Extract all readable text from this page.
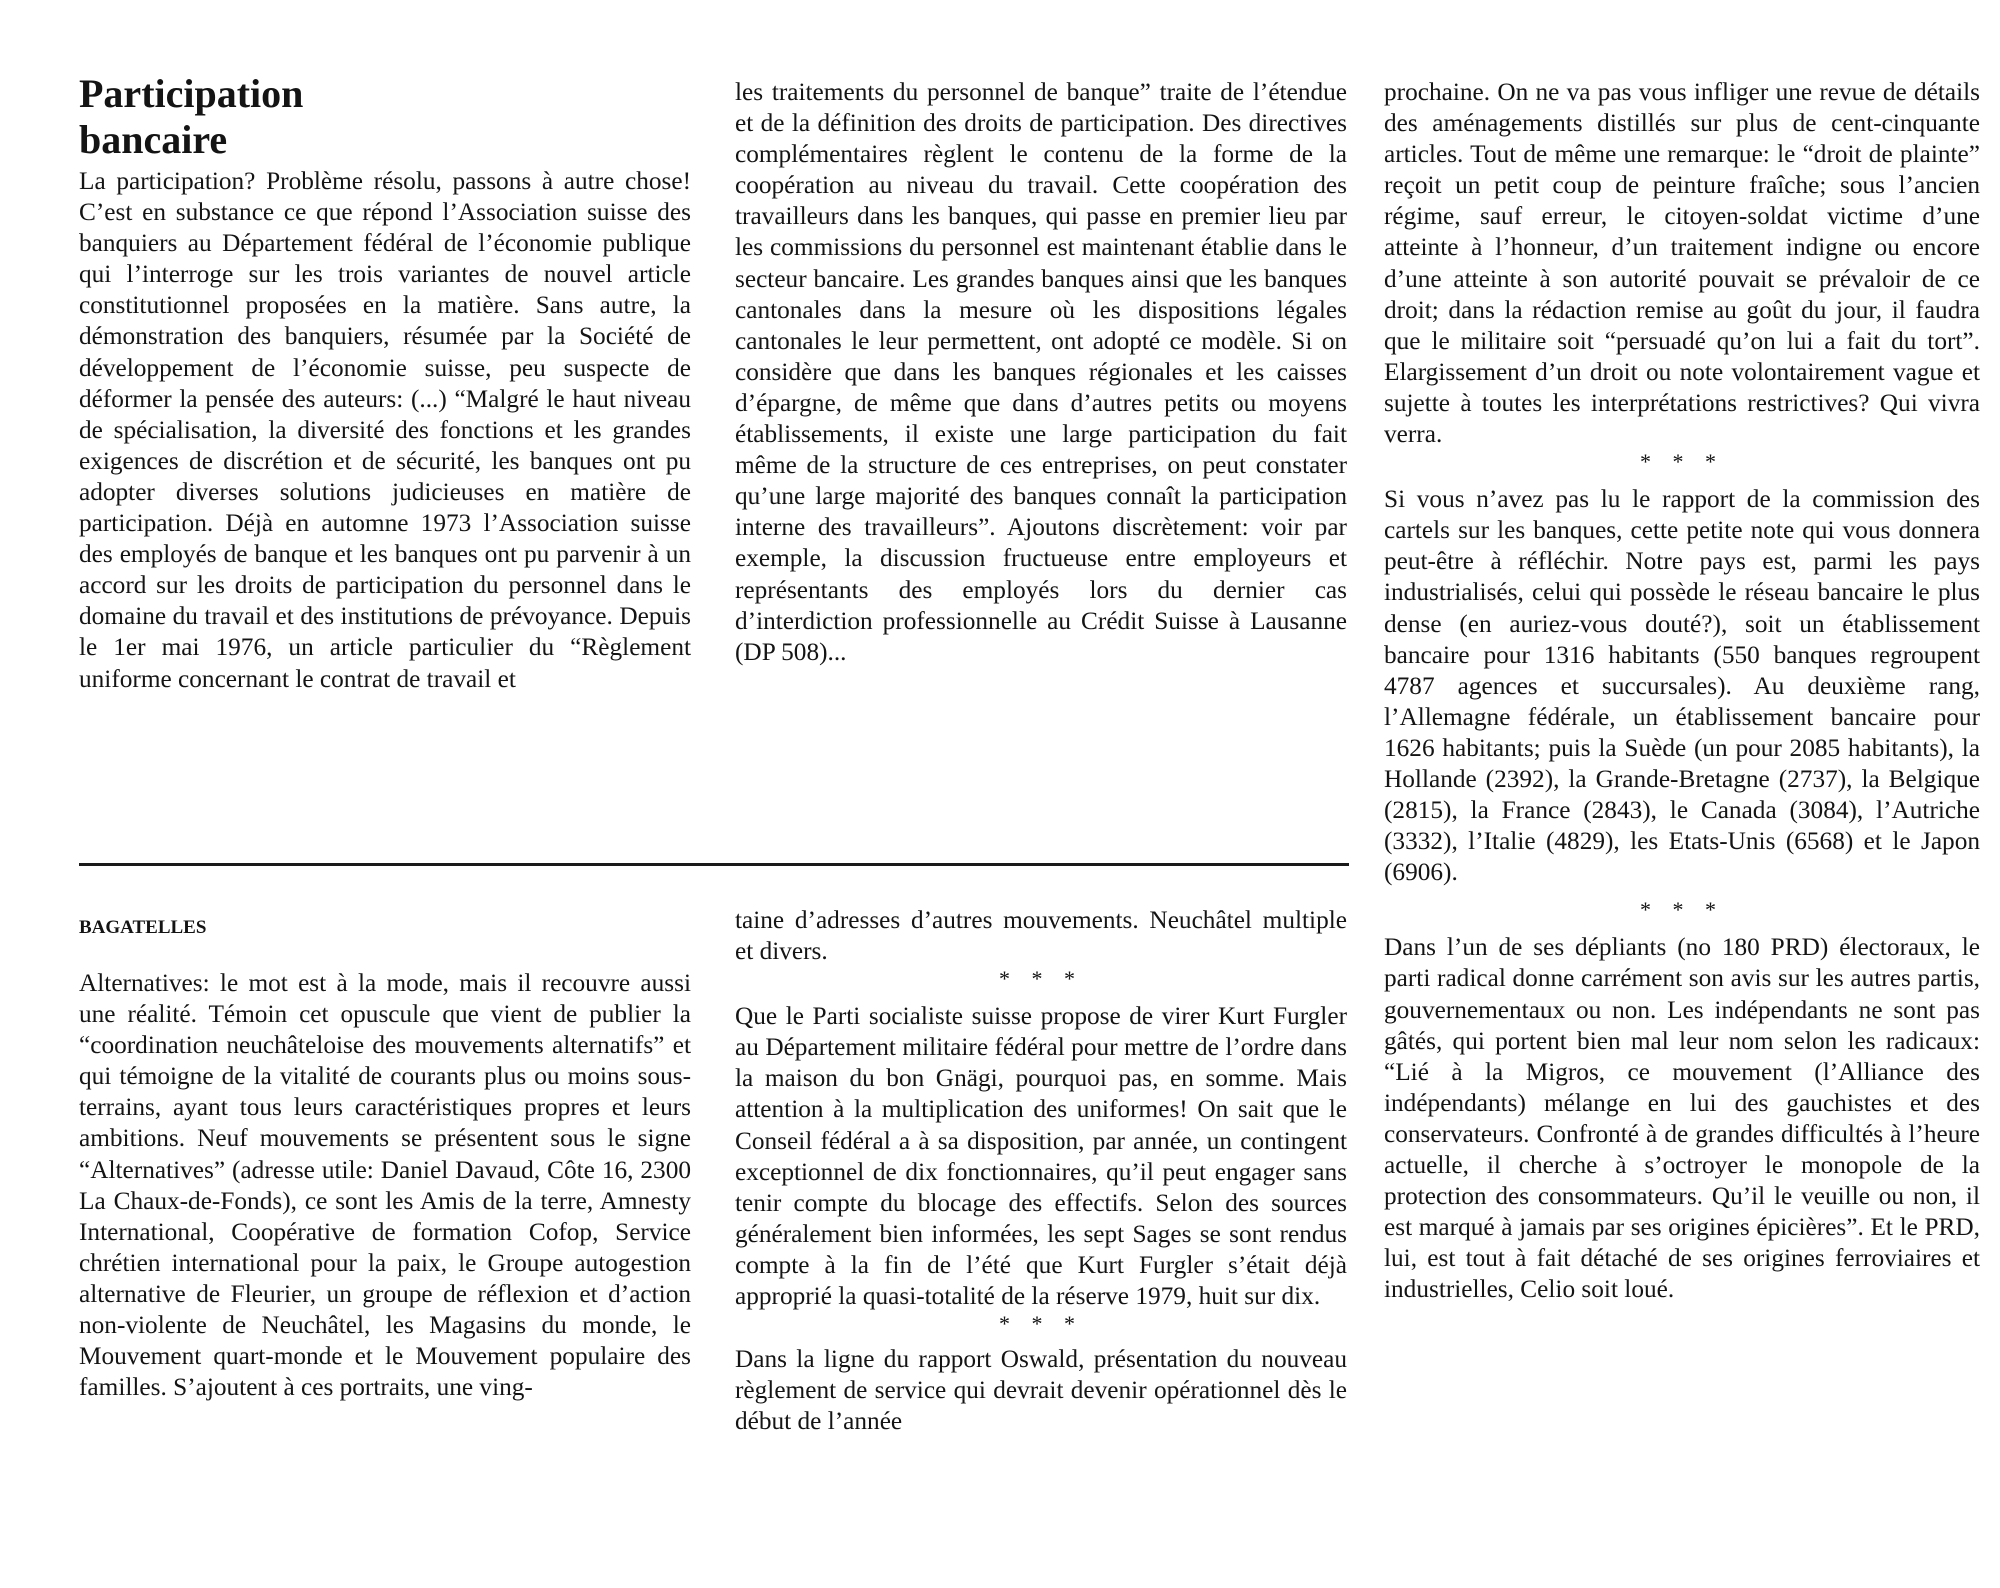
Participation
bancaire

La participation? Problème résolu, passons à autre chose! C’est en substance ce que répond l’Association suisse des banquiers au Département fédéral de l’économie publique qui l’interroge sur les trois variantes de nouvel article constitutionnel proposées en la matière. Sans autre, la démonstration des banquiers, résumée par la Société de développement de l’économie suisse, peu suspecte de déformer la pensée des auteurs: (...) “Malgré le haut niveau de spécialisation, la diversité des fonctions et les grandes exigences de discrétion et de sécurité, les banques ont pu adopter diverses solutions judicieuses en matière de participation. Déjà en automne 1973 l’Association suisse des employés de banque et les banques ont pu parvenir à un accord sur les droits de participation du personnel dans le domaine du travail et des institutions de prévoyance. Depuis le 1er mai 1976, un article particulier du “Règlement uniforme concernant le contrat de travail et

les traitements du personnel de banque” traite de l’étendue et de la définition des droits de participation. Des directives complémentaires règlent le contenu de la forme de la coopération au niveau du travail. Cette coopération des travailleurs dans les banques, qui passe en premier lieu par les commissions du personnel est maintenant établie dans le secteur bancaire. Les grandes banques ainsi que les banques cantonales dans la mesure où les dispositions légales cantonales le leur permettent, ont adopté ce modèle. Si on considère que dans les banques régionales et les caisses d’épargne, de même que dans d’autres petits ou moyens établissements, il existe une large participation du fait même de la structure de ces entreprises, on peut constater qu’une large majorité des banques connaît la participation interne des travailleurs”. Ajoutons discrètement: voir par exemple, la discussion fructueuse entre employeurs et représentants des employés lors du dernier cas d’interdiction professionnelle au Crédit Suisse à Lausanne (DP 508)...

BAGATELLES

Alternatives: le mot est à la mode, mais il recouvre aussi une réalité. Témoin cet opuscule que vient de publier la “coordination neuchâteloise des mouvements alternatifs” et qui témoigne de la vitalité de courants plus ou moins sous-terrains, ayant tous leurs caractéristiques propres et leurs ambitions. Neuf mouvements se présentent sous le signe “Alternatives” (adresse utile: Daniel Davaud, Côte 16, 2300 La Chaux-de-Fonds), ce sont les Amis de la terre, Amnesty International, Coopérative de formation Cofop, Service chrétien international pour la paix, le Groupe autogestion alternative de Fleurier, un groupe de réflexion et d’action non-violente de Neuchâtel, les Magasins du monde, le Mouvement quart-monde et le Mouvement populaire des familles. S’ajoutent à ces portraits, une ving-

taine d’adresses d’autres mouvements. Neuchâtel multiple et divers.

* * *

Que le Parti socialiste suisse propose de virer Kurt Furgler au Département militaire fédéral pour mettre de l’ordre dans la maison du bon Gnägi, pourquoi pas, en somme. Mais attention à la multiplication des uniformes! On sait que le Conseil fédéral a à sa disposition, par année, un contingent exceptionnel de dix fonctionnaires, qu’il peut engager sans tenir compte du blocage des effectifs. Selon des sources généralement bien informées, les sept Sages se sont rendus compte à la fin de l’été que Kurt Furgler s’était déjà approprié la quasi-totalité de la réserve 1979, huit sur dix.

* * *

Dans la ligne du rapport Oswald, présentation du nouveau règlement de service qui devrait devenir opérationnel dès le début de l’année

prochaine. On ne va pas vous infliger une revue de détails des aménagements distillés sur plus de cent-cinquante articles. Tout de même une remarque: le “droit de plainte” reçoit un petit coup de peinture fraîche; sous l’ancien régime, sauf erreur, le citoyen-soldat victime d’une atteinte à l’honneur, d’un traitement indigne ou encore d’une atteinte à son autorité pouvait se prévaloir de ce droit; dans la rédaction remise au goût du jour, il faudra que le militaire soit “persuadé qu’on lui a fait du tort”. Elargissement d’un droit ou note volontairement vague et sujette à toutes les interprétations restrictives? Qui vivra verra.

* * *

Si vous n’avez pas lu le rapport de la commission des cartels sur les banques, cette petite note qui vous donnera peut-être à réfléchir. Notre pays est, parmi les pays industrialisés, celui qui possède le réseau bancaire le plus dense (en auriez-vous douté?), soit un établissement bancaire pour 1316 habitants (550 banques regroupent 4787 agences et succursales). Au deuxième rang, l’Allemagne fédérale, un établissement bancaire pour 1626 habitants; puis la Suède (un pour 2085 habitants), la Hollande (2392), la Grande-Bretagne (2737), la Belgique (2815), la France (2843), le Canada (3084), l’Autriche (3332), l’Italie (4829), les Etats-Unis (6568) et le Japon (6906).

* * *

Dans l’un de ses dépliants (no 180 PRD) électoraux, le parti radical donne carrément son avis sur les autres partis, gouvernementaux ou non. Les indépendants ne sont pas gâtés, qui portent bien mal leur nom selon les radicaux: “Lié à la Migros, ce mouvement (l’Alliance des indépendants) mélange en lui des gauchistes et des conservateurs. Confronté à de grandes difficultés à l’heure actuelle, il cherche à s’octroyer le monopole de la protection des consommateurs. Qu’il le veuille ou non, il est marqué à jamais par ses origines épicières”. Et le PRD, lui, est tout à fait détaché de ses origines ferroviaires et industrielles, Celio soit loué.
